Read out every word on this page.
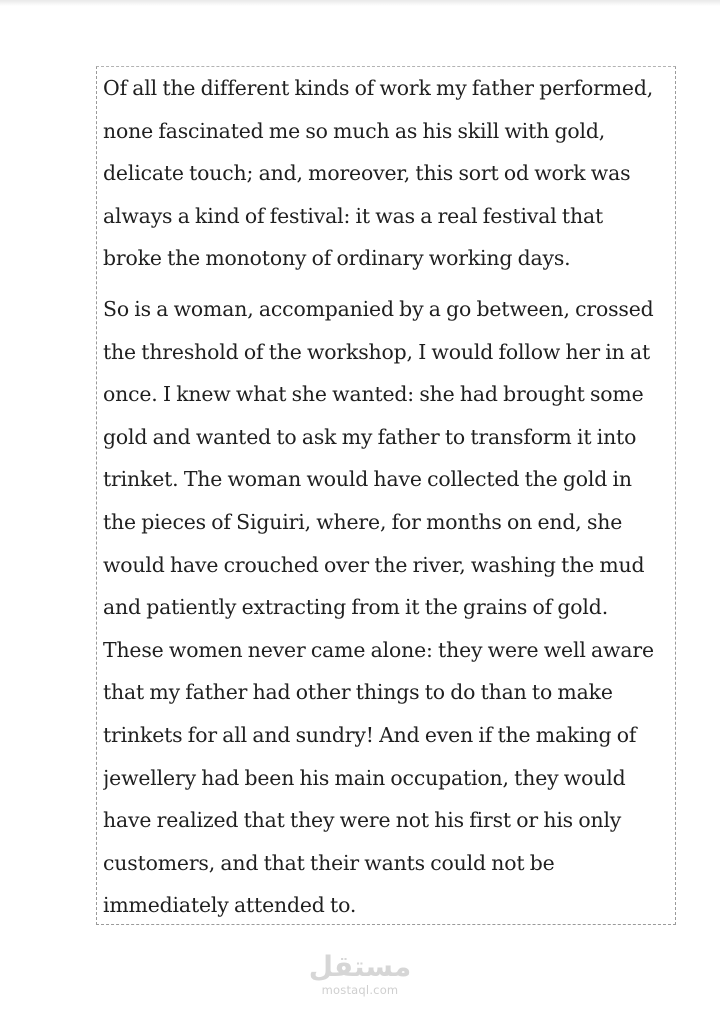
Of all the different kinds of work my father performed,
none fascinated me so much as his skill with gold,
delicate touch; and, moreover, this sort od work was
always a kind of festival: it was a real festival that
broke the monotony of ordinary working days.
So is a woman, accompanied by a go between, crossed
the threshold of the workshop, I would follow her in at
once. I knew what she wanted: she had brought some
gold and wanted to ask my father to transform it into
trinket. The woman would have collected the gold in
the pieces of Siguiri, where, for months on end, she
would have crouched over the river, washing the mud
and patiently extracting from it the grains of gold.
These women never came alone: they were well aware
that my father had other things to do than to make
trinkets for all and sundry! And even if the making of
jewellery had been his main occupation, they would
have realized that they were not his first or his only
customers, and that their wants could not be
immediately attended to.
مستقل
mostaql.com
